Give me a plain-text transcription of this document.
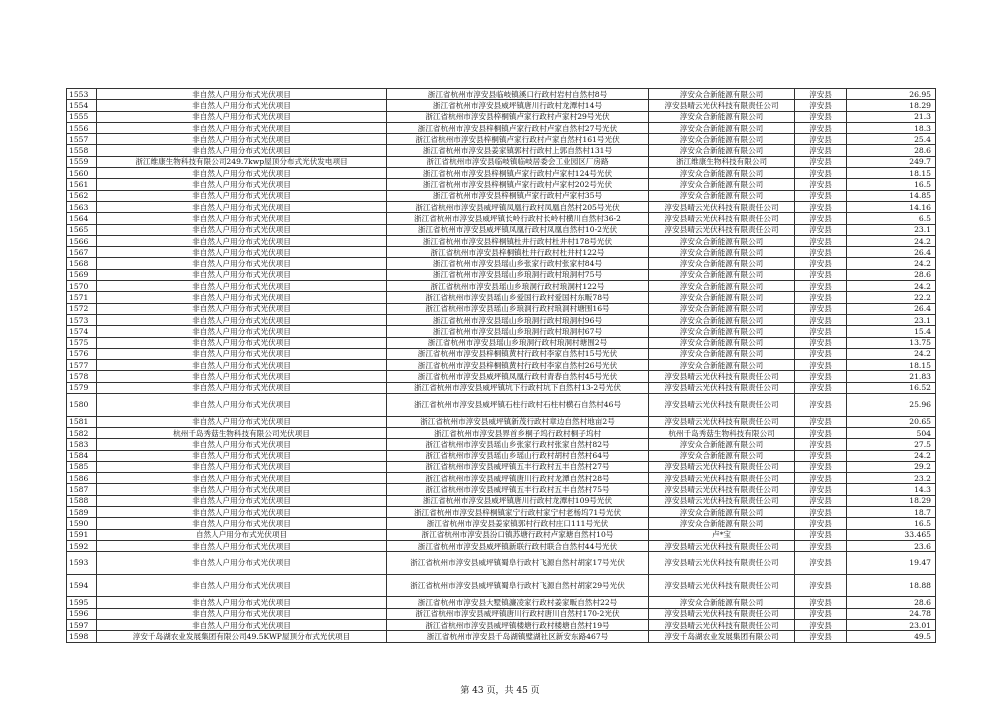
1553	非自然人户用分布式光伏项目	浙江省杭州市淳安县临岐镇溪口行政村岩村自然村8号	淳安众合新能源有限公司	淳安县	26.95
1554	非自然人户用分布式光伏项目	浙江省杭州市淳安县威坪镇唐川行政村龙潭村14号	淳安县晴云光伏科技有限责任公司	淳安县	18.29
1555	非自然人户用分布式光伏项目	浙江省杭州市淳安县梓桐镇卢家行政村卢家村29号光伏	淳安众合新能源有限公司	淳安县	21.3
1556	非自然人户用分布式光伏项目	浙江省杭州市淳安县梓桐镇卢家行政村卢家自然村27号光伏	淳安众合新能源有限公司	淳安县	18.3
1557	非自然人户用分布式光伏项目	浙江省杭州市淳安县梓桐镇卢家行政村卢家自然村161号光伏	淳安众合新能源有限公司	淳安县	25.4
1558	非自然人户用分布式光伏项目	浙江省杭州市淳安县姜家镇郭村行政村上郭自然村131号	淳安众合新能源有限公司	淳安县	28.6
1559	浙江维康生物科技有限公司249.7kwp屋顶分布式光伏发电项目	浙江省杭州市淳安县临岐镇临岐居委会工业园区厂房路	浙江维康生物科技有限公司	淳安县	249.7
1560	非自然人户用分布式光伏项目	浙江省杭州市淳安县梓桐镇卢家行政村卢家村124号光伏	淳安众合新能源有限公司	淳安县	18.15
1561	非自然人户用分布式光伏项目	浙江省杭州市淳安县梓桐镇卢家行政村卢家村202号光伏	淳安众合新能源有限公司	淳安县	16.5
1562	非自然人户用分布式光伏项目	浙江省杭州市淳安县梓桐镇卢家行政村卢家村35号	淳安众合新能源有限公司	淳安县	14.85
1563	非自然人户用分布式光伏项目	浙江省杭州市淳安县威坪镇凤凰行政村凤凰自然村205号光伏	淳安县晴云光伏科技有限责任公司	淳安县	14.16
1564	非自然人户用分布式光伏项目	浙江省杭州市淳安县威坪镇长岭行政村长岭村横川自然村36-2	淳安县晴云光伏科技有限责任公司	淳安县	6.5
1565	非自然人户用分布式光伏项目	浙江省杭州市淳安县威坪镇凤凰行政村凤凰自然村10-2光伏	淳安县晴云光伏科技有限责任公司	淳安县	23.1
1566	非自然人户用分布式光伏项目	浙江省杭州市淳安县梓桐镇杜井行政村杜井村178号光伏	淳安众合新能源有限公司	淳安县	24.2
1567	非自然人户用分布式光伏项目	浙江省杭州市淳安县梓桐镇杜井行政村杜井村122号	淳安众合新能源有限公司	淳安县	26.4
1568	非自然人户用分布式光伏项目	浙江省杭州市淳安县瑶山乡张家行政村张家村84号	淳安众合新能源有限公司	淳安县	24.2
1569	非自然人户用分布式光伏项目	浙江省杭州市淳安县瑶山乡琅洞行政村琅洞村75号	淳安众合新能源有限公司	淳安县	28.6
1570	非自然人户用分布式光伏项目	浙江省杭州市淳安县瑶山乡琅洞行政村琅洞村122号	淳安众合新能源有限公司	淳安县	24.2
1571	非自然人户用分布式光伏项目	浙江省杭州市淳安县瑶山乡爱国行政村爱国村东畈78号	淳安众合新能源有限公司	淳安县	22.2
1572	非自然人户用分布式光伏项目	浙江省杭州市淳安县瑶山乡琅洞行政村琅洞村塘围16号	淳安众合新能源有限公司	淳安县	26.4
1573	非自然人户用分布式光伏项目	浙江省杭州市淳安县瑶山乡琅洞行政村琅洞村96号	淳安众合新能源有限公司	淳安县	23.1
1574	非自然人户用分布式光伏项目	浙江省杭州市淳安县瑶山乡琅洞行政村琅洞村67号	淳安众合新能源有限公司	淳安县	15.4
1575	非自然人户用分布式光伏项目	浙江省杭州市淳安县瑶山乡琅洞行政村琅洞村塘围2号	淳安众合新能源有限公司	淳安县	13.75
1576	非自然人户用分布式光伏项目	浙江省杭州市淳安县梓桐镇黄村行政村李家自然村15号光伏	淳安众合新能源有限公司	淳安县	24.2
1577	非自然人户用分布式光伏项目	浙江省杭州市淳安县梓桐镇黄村行政村李家自然村26号光伏	淳安众合新能源有限公司	淳安县	18.15
1578	非自然人户用分布式光伏项目	浙江省杭州市淳安县威坪镇凤凰行政村青春自然村45号光伏	淳安县晴云光伏科技有限责任公司	淳安县	21.83
1579	非自然人户用分布式光伏项目	浙江省杭州市淳安县威坪镇坑下行政村坑下自然村13-2号光伏	淳安县晴云光伏科技有限责任公司	淳安县	16.52
1580	非自然人户用分布式光伏项目	浙江省杭州市淳安县威坪镇石柱行政村石柱村横石自然村46号	淳安县晴云光伏科技有限责任公司	淳安县	25.96
1581	非自然人户用分布式光伏项目	浙江省杭州市淳安县威坪镇新茂行政村章边自然村地亩2号	淳安县晴云光伏科技有限责任公司	淳安县	20.65
1582	杭州千岛秀菇生物科技有限公司光伏项目	浙江省杭州市淳安县界首乡桐子坞行政村桐子坞村	杭州千岛秀菇生物科技有限公司	淳安县	504
1583	非自然人户用分布式光伏项目	浙江省杭州市淳安县瑶山乡张家行政村张家自然村82号	淳安众合新能源有限公司	淳安县	27.5
1584	非自然人户用分布式光伏项目	浙江省杭州市淳安县瑶山乡瑶山行政村胡村自然村64号	淳安众合新能源有限公司	淳安县	24.2
1585	非自然人户用分布式光伏项目	浙江省杭州市淳安县威坪镇五丰行政村五丰自然村27号	淳安县晴云光伏科技有限责任公司	淳安县	29.2
1586	非自然人户用分布式光伏项目	浙江省杭州市淳安县威坪镇唐川行政村龙潭自然村28号	淳安县晴云光伏科技有限责任公司	淳安县	23.2
1587	非自然人户用分布式光伏项目	浙江省杭州市淳安县威坪镇五丰行政村五丰自然村75号	淳安县晴云光伏科技有限责任公司	淳安县	14.3
1588	非自然人户用分布式光伏项目	浙江省杭州市淳安县威坪镇唐川行政村龙潭村109号光伏	淳安县晴云光伏科技有限责任公司	淳安县	18.29
1589	非自然人户用分布式光伏项目	浙江省杭州市淳安县梓桐镇家宁行政村家宁村老杨坞71号光伏	淳安众合新能源有限公司	淳安县	18.7
1590	非自然人户用分布式光伏项目	浙江省杭州市淳安县姜家镇郭村行政村庄口111号光伏	淳安众合新能源有限公司	淳安县	16.5
1591	自然人户用分布式光伏项目	浙江省杭州市淳安县汾口镇苏塘行政村卢家塘自然村10号	卢*宝	淳安县	33.465
1592	非自然人户用分布式光伏项目	浙江省杭州市淳安县威坪镇新联行政村联合自然村44号光伏	淳安县晴云光伏科技有限责任公司	淳安县	23.6
1593	非自然人户用分布式光伏项目	浙江省杭州市淳安县威坪镇蜀阜行政村飞源自然村胡家17号光伏	淳安县晴云光伏科技有限责任公司	淳安县	19.47
1594	非自然人户用分布式光伏项目	浙江省杭州市淳安县威坪镇蜀阜行政村飞源自然村胡家29号光伏	淳安县晴云光伏科技有限责任公司	淳安县	18.88
1595	非自然人户用分布式光伏项目	浙江省杭州市淳安县大墅镇濂凌家行政村姜家畈自然村22号	淳安众合新能源有限公司	淳安县	28.6
1596	非自然人户用分布式光伏项目	浙江省杭州市淳安县威坪镇唐川行政村唐川自然村170-2光伏	淳安县晴云光伏科技有限责任公司	淳安县	24.78
1597	非自然人户用分布式光伏项目	浙江省杭州市淳安县威坪镇楼塘行政村楼塘自然村19号	淳安县晴云光伏科技有限责任公司	淳安县	23.01
1598	淳安千岛湖农业发展集团有限公司49.5KWP屋顶分布式光伏项目	浙江省杭州市淳安县千岛湖镇璧湖社区新安东路467号	淳安千岛湖农业发展集团有限公司	淳安县	49.5
第 43 页，共 45 页
